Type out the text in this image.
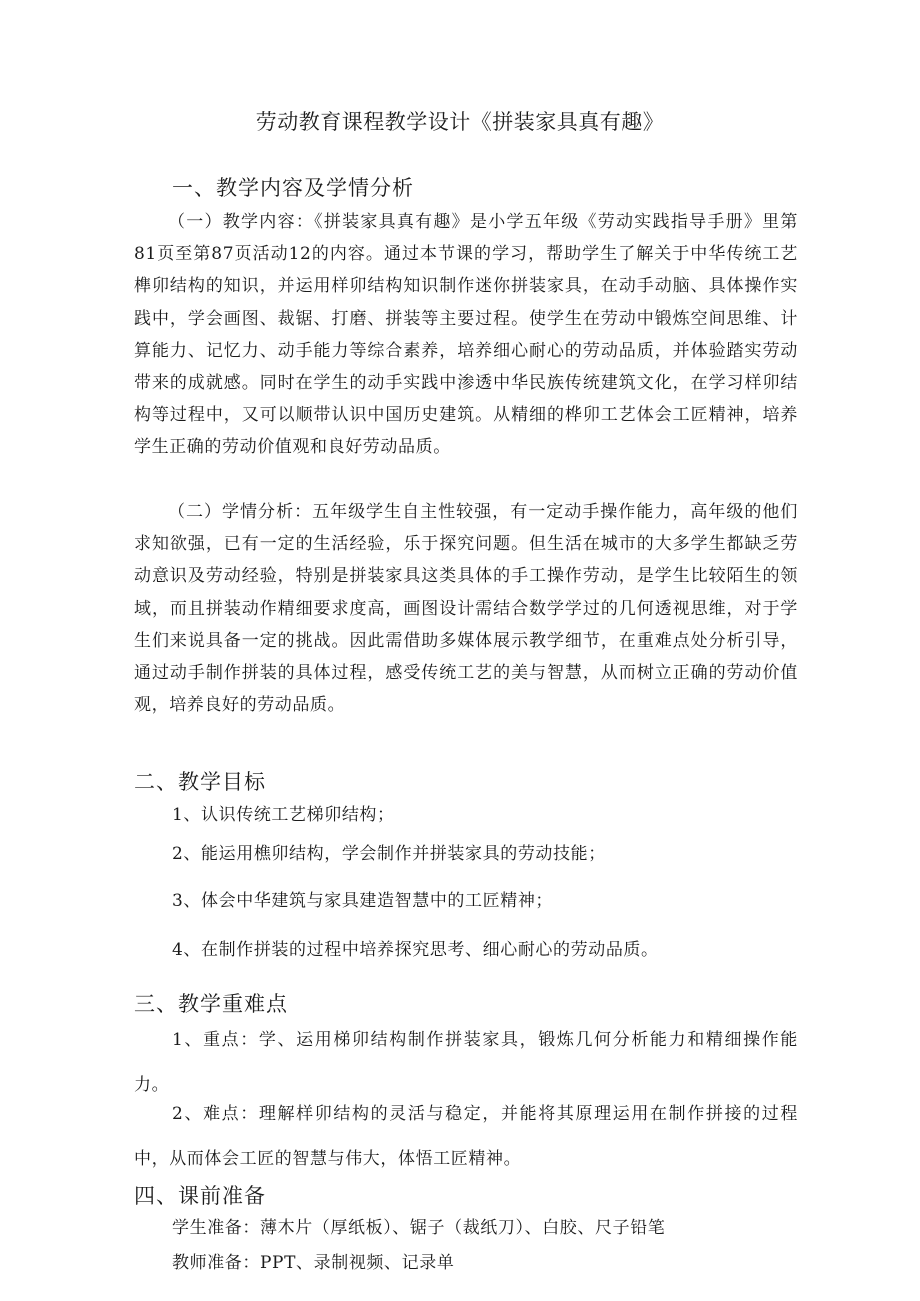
劳动教育课程教学设计《拼装家具真有趣》
一、教学内容及学情分析
（一）教学内容：《拼装家具真有趣》是小学五年级《劳动实践指导手册》里第81页至第87页活动12的内容。通过本节课的学习，帮助学生了解关于中华传统工艺榫卯结构的知识，并运用样卯结构知识制作迷你拼装家具，在动手动脑、具体操作实践中，学会画图、裁锯、打磨、拼装等主要过程。使学生在劳动中锻炼空间思维、计算能力、记忆力、动手能力等综合素养，培养细心耐心的劳动品质，并体验踏实劳动带来的成就感。同时在学生的动手实践中渗透中华民族传统建筑文化，在学习样卯结构等过程中，又可以顺带认识中国历史建筑。从精细的桦卯工艺体会工匠精神，培养学生正确的劳动价值观和良好劳动品质。
（二）学情分析：五年级学生自主性较强，有一定动手操作能力，高年级的他们求知欲强，已有一定的生活经验，乐于探究问题。但生活在城市的大多学生都缺乏劳动意识及劳动经验，特别是拼装家具这类具体的手工操作劳动，是学生比较陌生的领域，而且拼装动作精细要求度高，画图设计需结合数学学过的几何透视思维，对于学生们来说具备一定的挑战。因此需借助多媒体展示教学细节，在重难点处分析引导，通过动手制作拼装的具体过程，感受传统工艺的美与智慧，从而树立正确的劳动价值观，培养良好的劳动品质。
二、教学目标
1、认识传统工艺梯卯结构；
2、能运用樵卯结构，学会制作并拼装家具的劳动技能；
3、体会中华建筑与家具建造智慧中的工匠精神；
4、在制作拼装的过程中培养探究思考、细心耐心的劳动品质。
三、教学重难点
1、重点：学、运用梯卯结构制作拼装家具，锻炼几何分析能力和精细操作能力。
2、难点：理解样卯结构的灵活与稳定，并能将其原理运用在制作拼接的过程中，从而体会工匠的智慧与伟大，体悟工匠精神。
四、课前准备
学生准备：薄木片（厚纸板）、锯子（裁纸刀）、白胶、尺子铅笔
教师准备：PPT、录制视频、记录单
